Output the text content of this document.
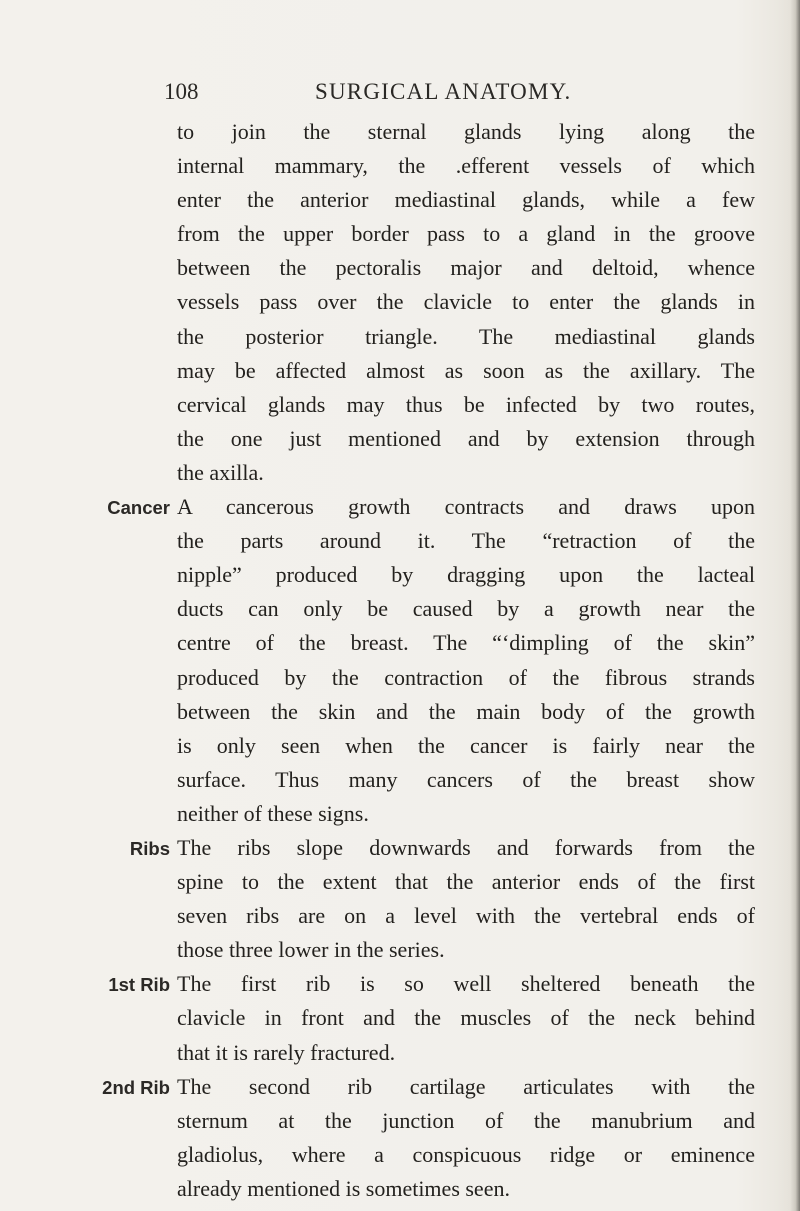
108	SURGICAL ANATOMY.
to join the sternal glands lying along the
internal mammary, the .efferent vessels of which
enter the anterior mediastinal glands, while a few
from the upper border pass to a gland in the groove
between the pectoralis major and deltoid, whence
vessels pass over the clavicle to enter the glands in
the posterior triangle. The mediastinal glands
may be affected almost as soon as the axillary. The
cervical glands may thus be infected by two routes,
the one just mentioned and by extension through
the axilla.
Cancer A cancerous growth contracts and draws upon
the parts around it. The “retraction of the
nipple” produced by dragging upon the lacteal
ducts can only be caused by a growth near the
centre of the breast. The “‘dimpling of the skin”
produced by the contraction of the fibrous strands
between the skin and the main body of the growth
is only seen when the cancer is fairly near the
surface. Thus many cancers of the breast show
neither of these signs.
Ribs The ribs slope downwards and forwards from the
spine to the extent that the anterior ends of the first
seven ribs are on a level with the vertebral ends of
those three lower in the series.
1st Rib The first rib is so well sheltered beneath the
clavicle in front and the muscles of the neck behind
that it is rarely fractured.
2nd Rib The second rib cartilage articulates with the
sternum at the junction of the manubrium and
gladiolus, where a conspicuous ridge or eminence
already mentioned is sometimes seen.
